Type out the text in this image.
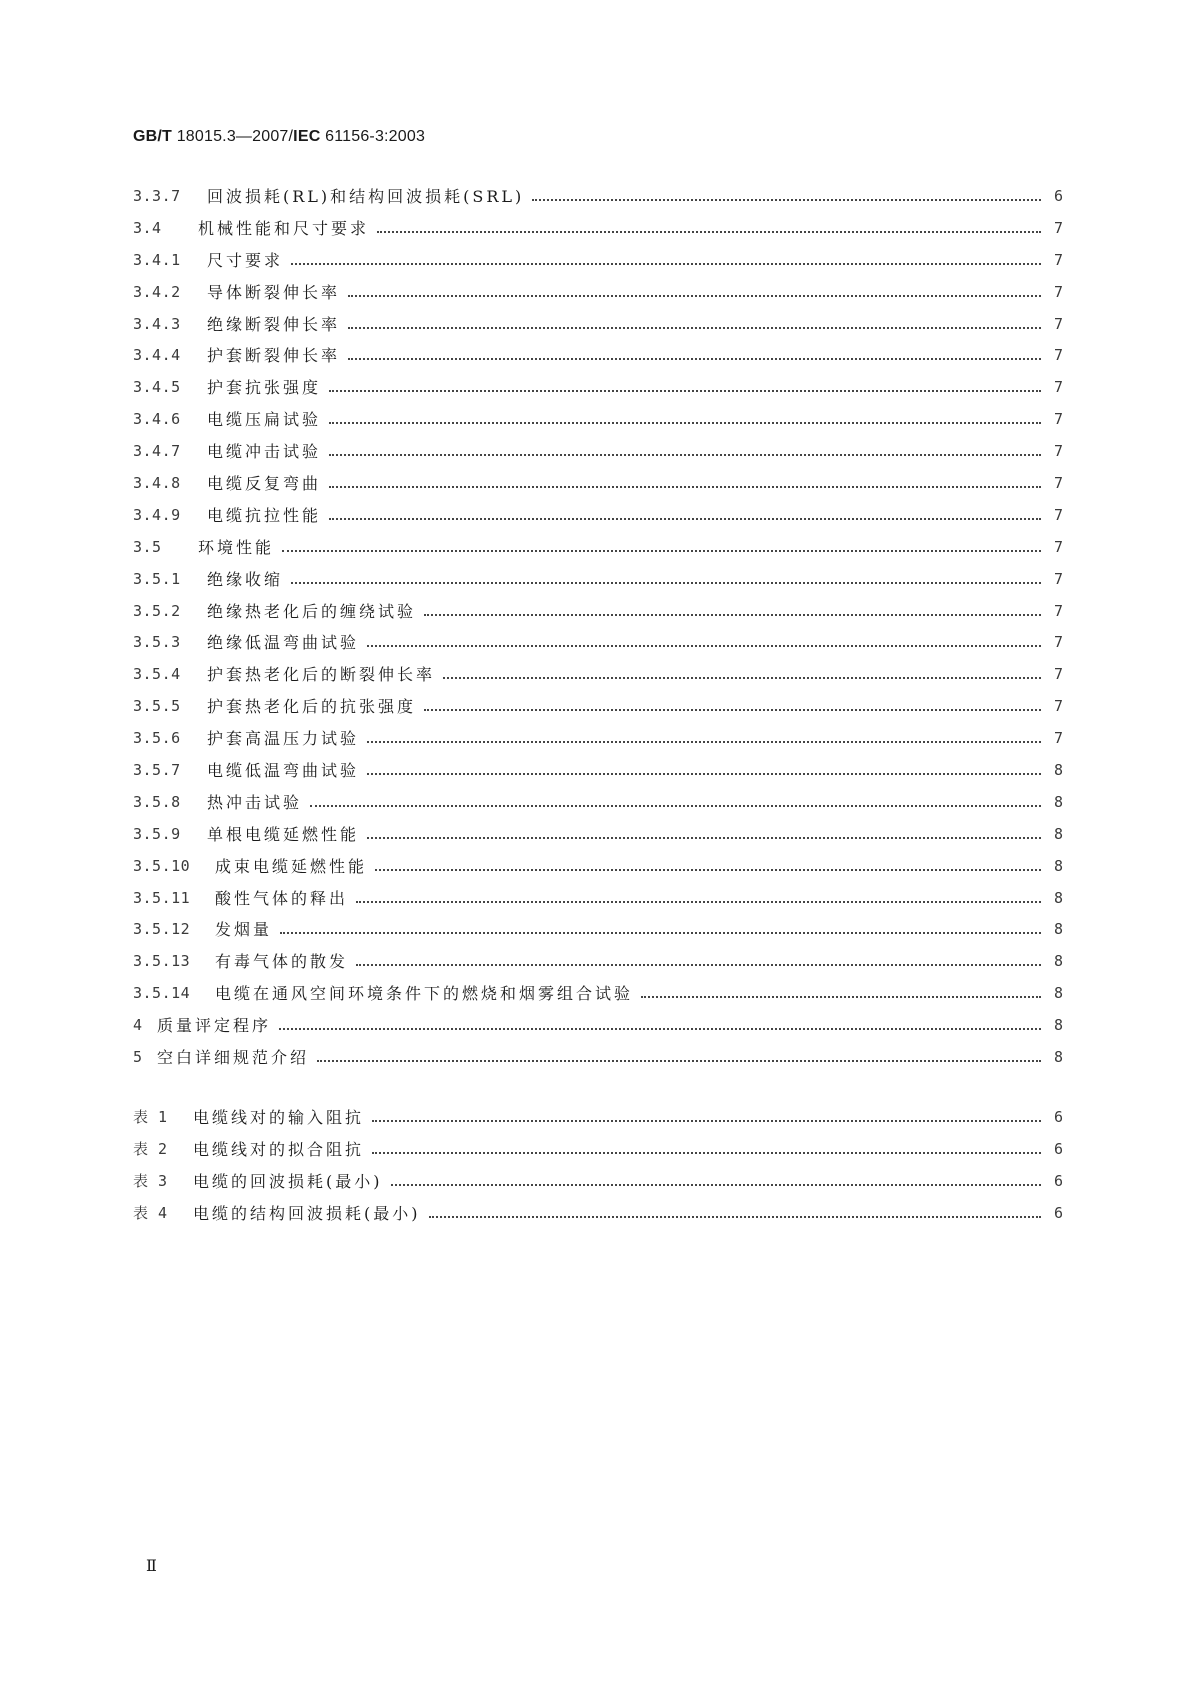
GB/T 18015.3—2007/IEC 61156-3:2003
3.3.7	回波损耗(RL)和结构回波损耗(SRL)	6
3.4	机械性能和尺寸要求	7
3.4.1	尺寸要求	7
3.4.2	导体断裂伸长率	7
3.4.3	绝缘断裂伸长率	7
3.4.4	护套断裂伸长率	7
3.4.5	护套抗张强度	7
3.4.6	电缆压扁试验	7
3.4.7	电缆冲击试验	7
3.4.8	电缆反复弯曲	7
3.4.9	电缆抗拉性能	7
3.5	环境性能	7
3.5.1	绝缘收缩	7
3.5.2	绝缘热老化后的缠绕试验	7
3.5.3	绝缘低温弯曲试验	7
3.5.4	护套热老化后的断裂伸长率	7
3.5.5	护套热老化后的抗张强度	7
3.5.6	护套高温压力试验	7
3.5.7	电缆低温弯曲试验	8
3.5.8	热冲击试验	8
3.5.9	单根电缆延燃性能	8
3.5.10	成束电缆延燃性能	8
3.5.11	酸性气体的释出	8
3.5.12	发烟量	8
3.5.13	有毒气体的散发	8
3.5.14	电缆在通风空间环境条件下的燃烧和烟雾组合试验	8
4 质量评定程序	8
5 空白详细规范介绍	8
表 1	电缆线对的输入阻抗	6
表 2	电缆线对的拟合阻抗	6
表 3	电缆的回波损耗(最小)	6
表 4	电缆的结构回波损耗(最小)	6
Ⅱ
